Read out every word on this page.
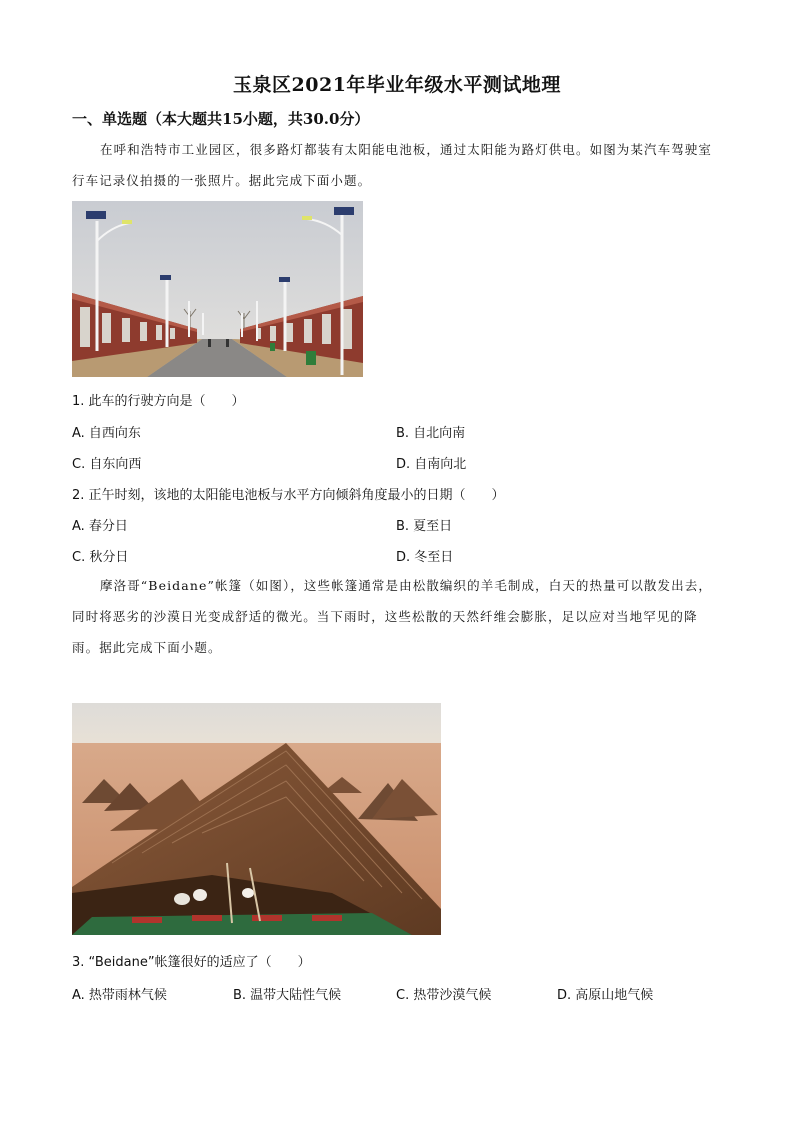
玉泉区2021年毕业年级水平测试地理
一、单选题（本大题共15小题，共30.0分）
在呼和浩特市工业园区，很多路灯都装有太阳能电池板，通过太阳能为路灯供电。如图为某汽车驾驶室行车记录仪拍摄的一张照片。据此完成下面小题。
1. 此车的行驶方向是（　　）
A. 自西向东	B. 自北向南
C. 自东向西	D. 自南向北
2. 正午时刻，该地的太阳能电池板与水平方向倾斜角度最小的日期（　　）
A. 春分日	B. 夏至日
C. 秋分日	D. 冬至日
摩洛哥“Beidane”帐篷（如图），这些帐篷通常是由松散编织的羊毛制成，白天的热量可以散发出去，同时将恶劣的沙漠日光变成舒适的微光。当下雨时，这些松散的天然纤维会膨胀，足以应对当地罕见的降雨。据此完成下面小题。
3. “Beidane”帐篷很好的适应了（　　）
A. 热带雨林气候	B. 温带大陆性气候	C. 热带沙漠气候	D. 高原山地气候
